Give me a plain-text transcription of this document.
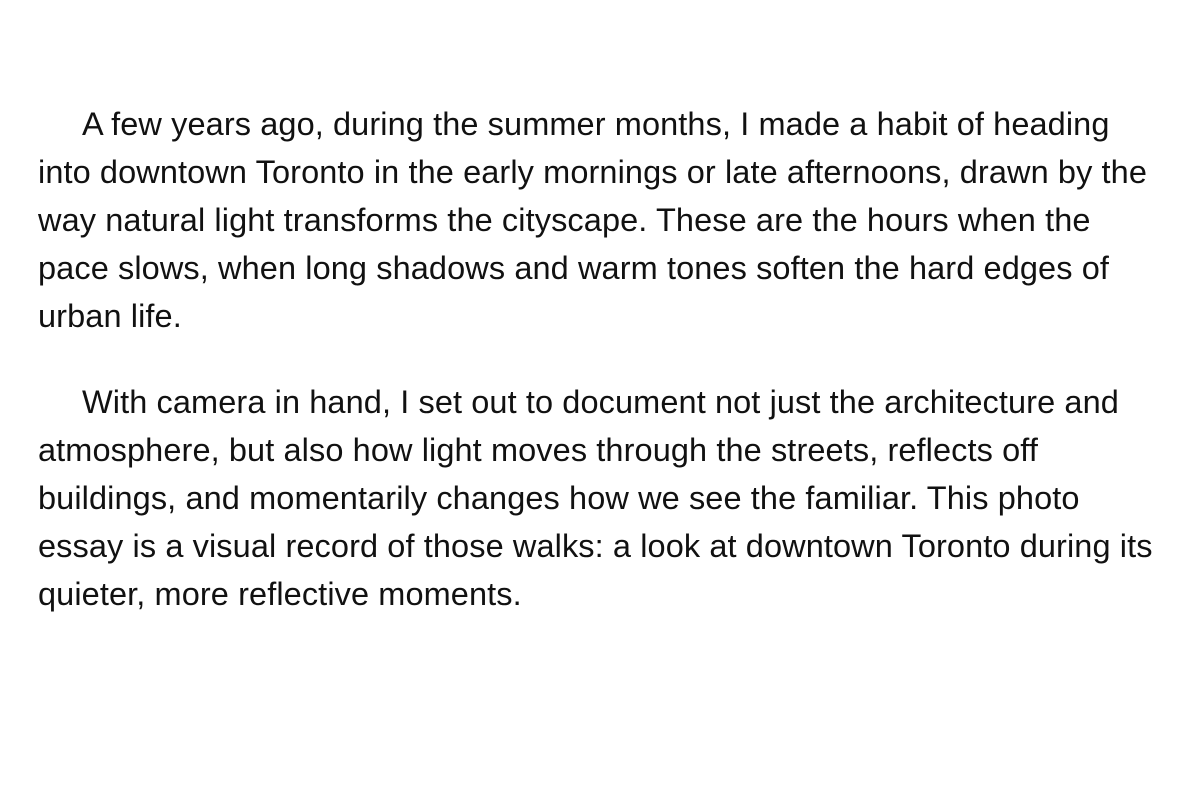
A few years ago, during the summer months, I made a habit of heading into downtown Toronto in the early mornings or late afternoons, drawn by the way natural light transforms the cityscape. These are the hours when the pace slows, when long shadows and warm tones soften the hard edges of urban life.

With camera in hand, I set out to document not just the architecture and atmosphere, but also how light moves through the streets, reflects off buildings, and momentarily changes how we see the familiar. This photo essay is a visual record of those walks: a look at downtown Toronto during its quieter, more reflective moments.
